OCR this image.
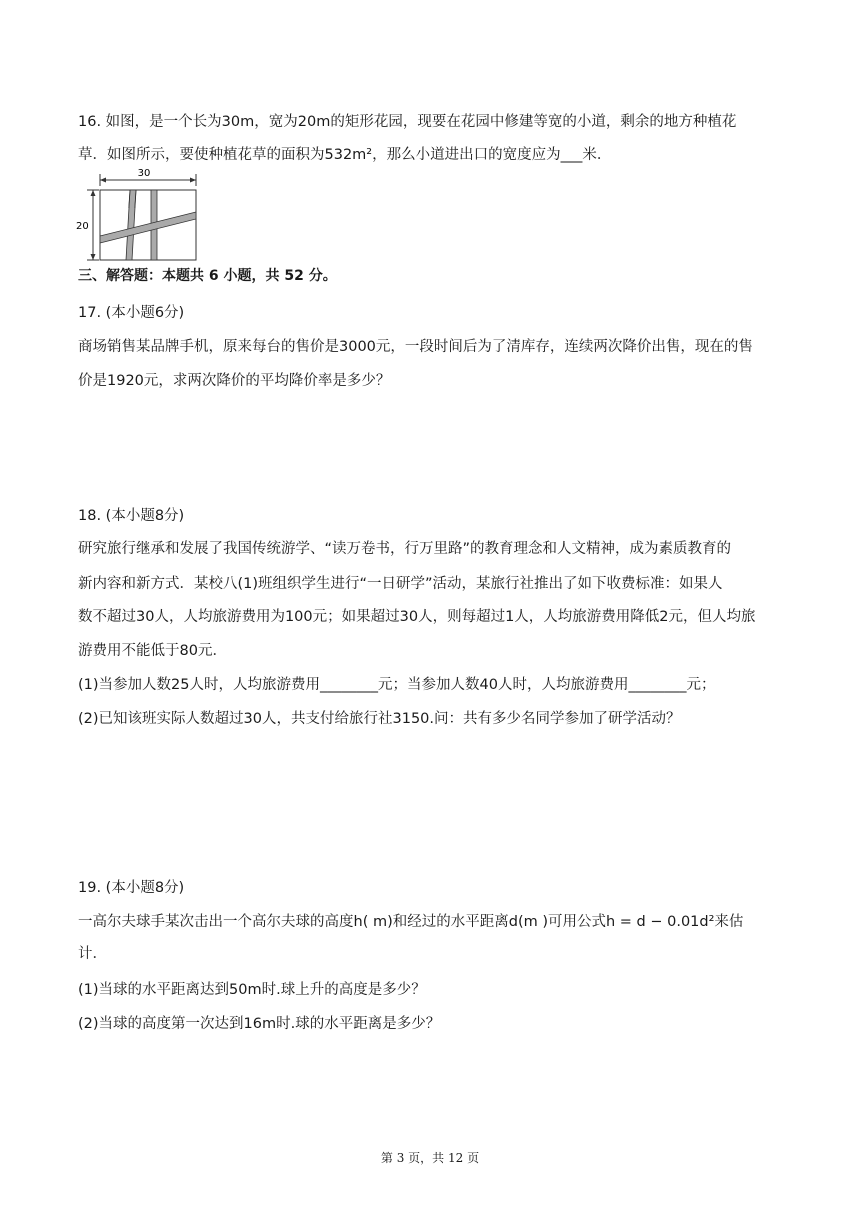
16. 如图，是一个长为30m，宽为20m的矩形花园，现要在花园中修建等宽的小道，剩余的地方种植花
草．如图所示，要使种植花草的面积为532m²，那么小道进出口的宽度应为___米．
30
20
三、解答题：本题共 6 小题，共 52 分。
17. (本小题6分)
商场销售某品牌手机，原来每台的售价是3000元，一段时间后为了清库存，连续两次降价出售，现在的售
价是1920元，求两次降价的平均降价率是多少？
18. (本小题8分)
研究旅行继承和发展了我国传统游学、“读万卷书，行万里路”的教育理念和人文精神，成为素质教育的
新内容和新方式．某校八(1)班组织学生进行“一日研学”活动，某旅行社推出了如下收费标准：如果人
数不超过30人，人均旅游费用为100元；如果超过30人，则每超过1人，人均旅游费用降低2元，但人均旅
游费用不能低于80元．
(1)当参加人数25人时，人均旅游费用________元；当参加人数40人时，人均旅游费用________元；
(2)已知该班实际人数超过30人，共支付给旅行社3150.问：共有多少名同学参加了研学活动？
19. (本小题8分)
一高尔夫球手某次击出一个高尔夫球的高度h( m)和经过的水平距离d(m )可用公式h = d − 0.01d²来估
计．
(1)当球的水平距离达到50m时.球上升的高度是多少？
(2)当球的高度第一次达到16m时.球的水平距离是多少？
第 3 页，共 12 页
